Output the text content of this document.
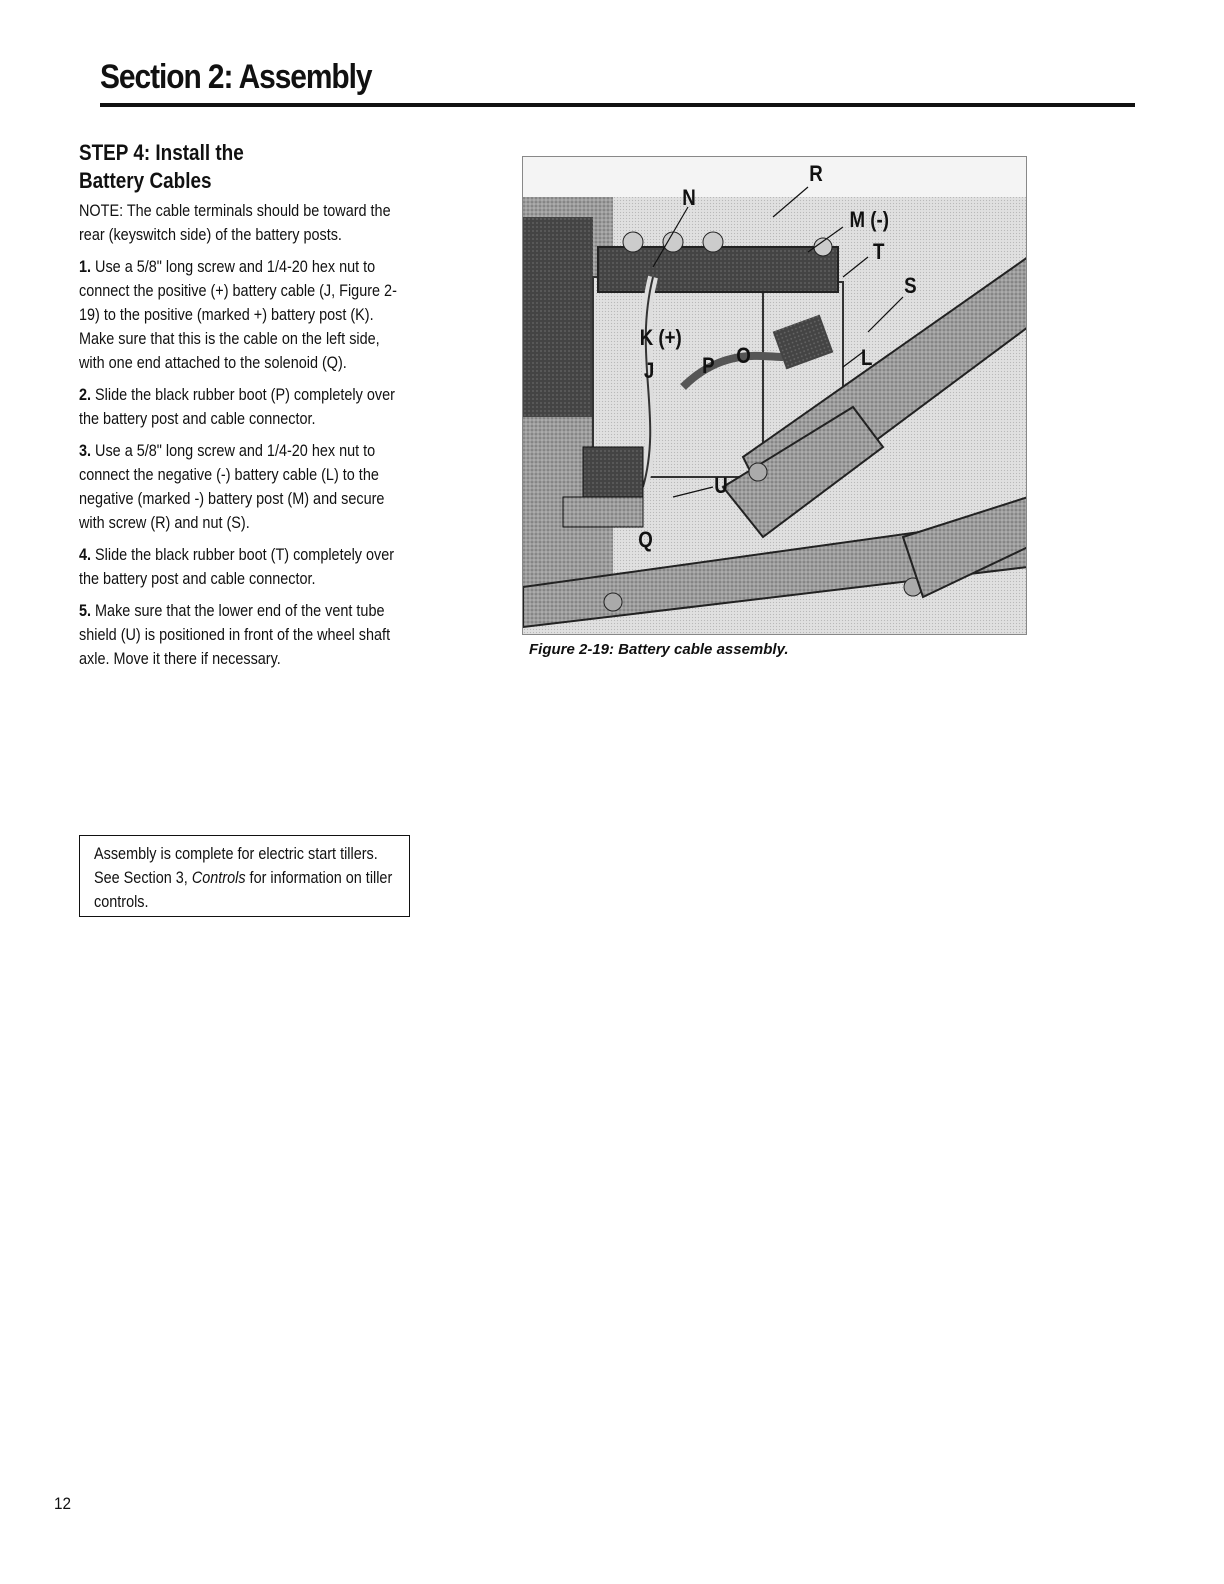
Section 2: Assembly
STEP 4: Install the
Battery Cables

NOTE: The cable terminals should be toward the rear (keyswitch side) of the battery posts.

1. Use a 5/8" long screw and 1/4-20 hex nut to connect the positive (+) battery cable (J, Figure 2-19) to the positive (marked +) battery post (K). Make sure that this is the cable on the left side, with one end attached to the solenoid (Q).

2. Slide the black rubber boot (P) completely over the battery post and cable connector.

3. Use a 5/8" long screw and 1/4-20 hex nut to connect the negative (-) battery cable (L) to the negative (marked -) battery post (M) and secure with screw (R) and nut (S).

4. Slide the black rubber boot (T) completely over the battery post and cable connector.

5. Make sure that the lower end of the vent tube shield (U) is positioned in front of the wheel shaft axle. Move it there if necessary.

Assembly is complete for electric start tillers. See Section 3, Controls for information on tiller controls.

R
N
M (-)
T
S
K (+)
J P O	L
U
Q

Figure 2-19: Battery cable assembly.

12
